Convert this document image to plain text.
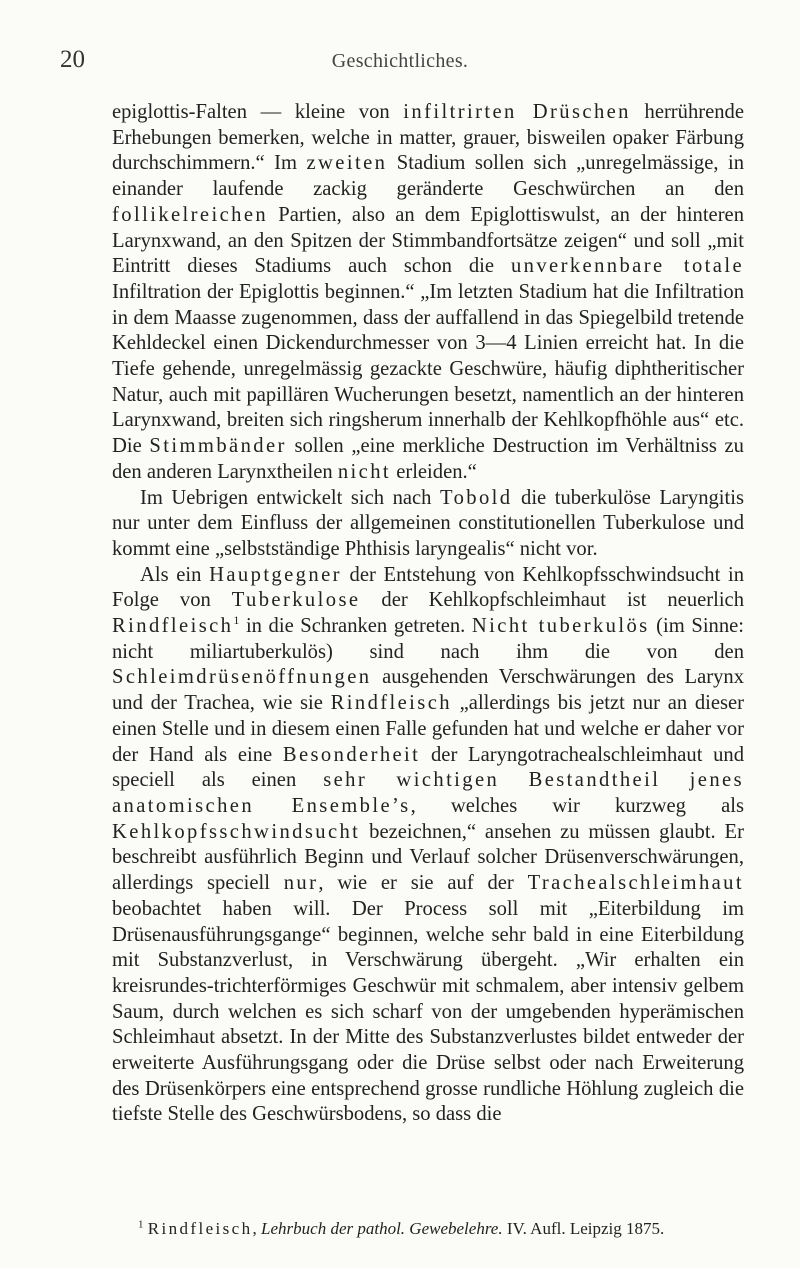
20	Geschichtliches.

epiglottis-Falten — kleine von infiltrirten Drüschen herrührende Erhebungen bemerken, welche in matter, grauer, bisweilen opaker Färbung durchschimmern.“ Im zweiten Stadium sollen sich „unregelmässige, in einander laufende zackig geränderte Geschwürchen an den follikelreichen Partien, also an dem Epiglottiswulst, an der hinteren Larynxwand, an den Spitzen der Stimmbandfortsätze zeigen“ und soll „mit Eintritt dieses Stadiums auch schon die unverkennbare totale Infiltration der Epiglottis beginnen.“ „Im letzten Stadium hat die Infiltration in dem Maasse zugenommen, dass der auffallend in das Spiegelbild tretende Kehldeckel einen Dickendurchmesser von 3—4 Linien erreicht hat. In die Tiefe gehende, unregelmässig gezackte Geschwüre, häufig diphtheritischer Natur, auch mit papillären Wucherungen besetzt, namentlich an der hinteren Larynxwand, breiten sich ringsherum innerhalb der Kehlkopfhöhle aus“ etc. Die Stimmbänder sollen „eine merkliche Destruction im Verhältniss zu den anderen Larynxtheilen nicht erleiden.“

Im Uebrigen entwickelt sich nach Tobold die tuberkulöse Laryngitis nur unter dem Einfluss der allgemeinen constitutionellen Tuberkulose und kommt eine „selbstständige Phthisis laryngealis“ nicht vor.

Als ein Hauptgegner der Entstehung von Kehlkopfsschwindsucht in Folge von Tuberkulose der Kehlkopfschleimhaut ist neuerlich Rindfleisch$^1$ in die Schranken getreten. Nicht tuberkulös (im Sinne: nicht miliartuberkulös) sind nach ihm die von den Schleimdrüsenöffnungen ausgehenden Verschwärungen des Larynx und der Trachea, wie sie Rindfleisch „allerdings bis jetzt nur an dieser einen Stelle und in diesem einen Falle gefunden hat und welche er daher vor der Hand als eine Besonderheit der Laryngotrachealschleimhaut und speciell als einen sehr wichtigen Bestandtheil jenes anatomischen Ensemble’s, welches wir kurzweg als Kehlkopfsschwindsucht bezeichnen,“ ansehen zu müssen glaubt. Er beschreibt ausführlich Beginn und Verlauf solcher Drüsenverschwärungen, allerdings speciell nur, wie er sie auf der Trachealschleimhaut beobachtet haben will. Der Process soll mit „Eiterbildung im Drüsenausführungsgange“ beginnen, welche sehr bald in eine Eiterbildung mit Substanzverlust, in Verschwärung übergeht. „Wir erhalten ein kreisrundes-trichterförmiges Geschwür mit schmalem, aber intensiv gelbem Saum, durch welchen es sich scharf von der umgebenden hyperämischen Schleimhaut absetzt. In der Mitte des Substanzverlustes bildet entweder der erweiterte Ausführungsgang oder die Drüse selbst oder nach Erweiterung des Drüsenkörpers eine entsprechend grosse rundliche Höhlung zugleich die tiefste Stelle des Geschwürsbodens, so dass die

$^1$ Rindfleisch, Lehrbuch der pathol. Gewebelehre. IV. Aufl. Leipzig 1875.
